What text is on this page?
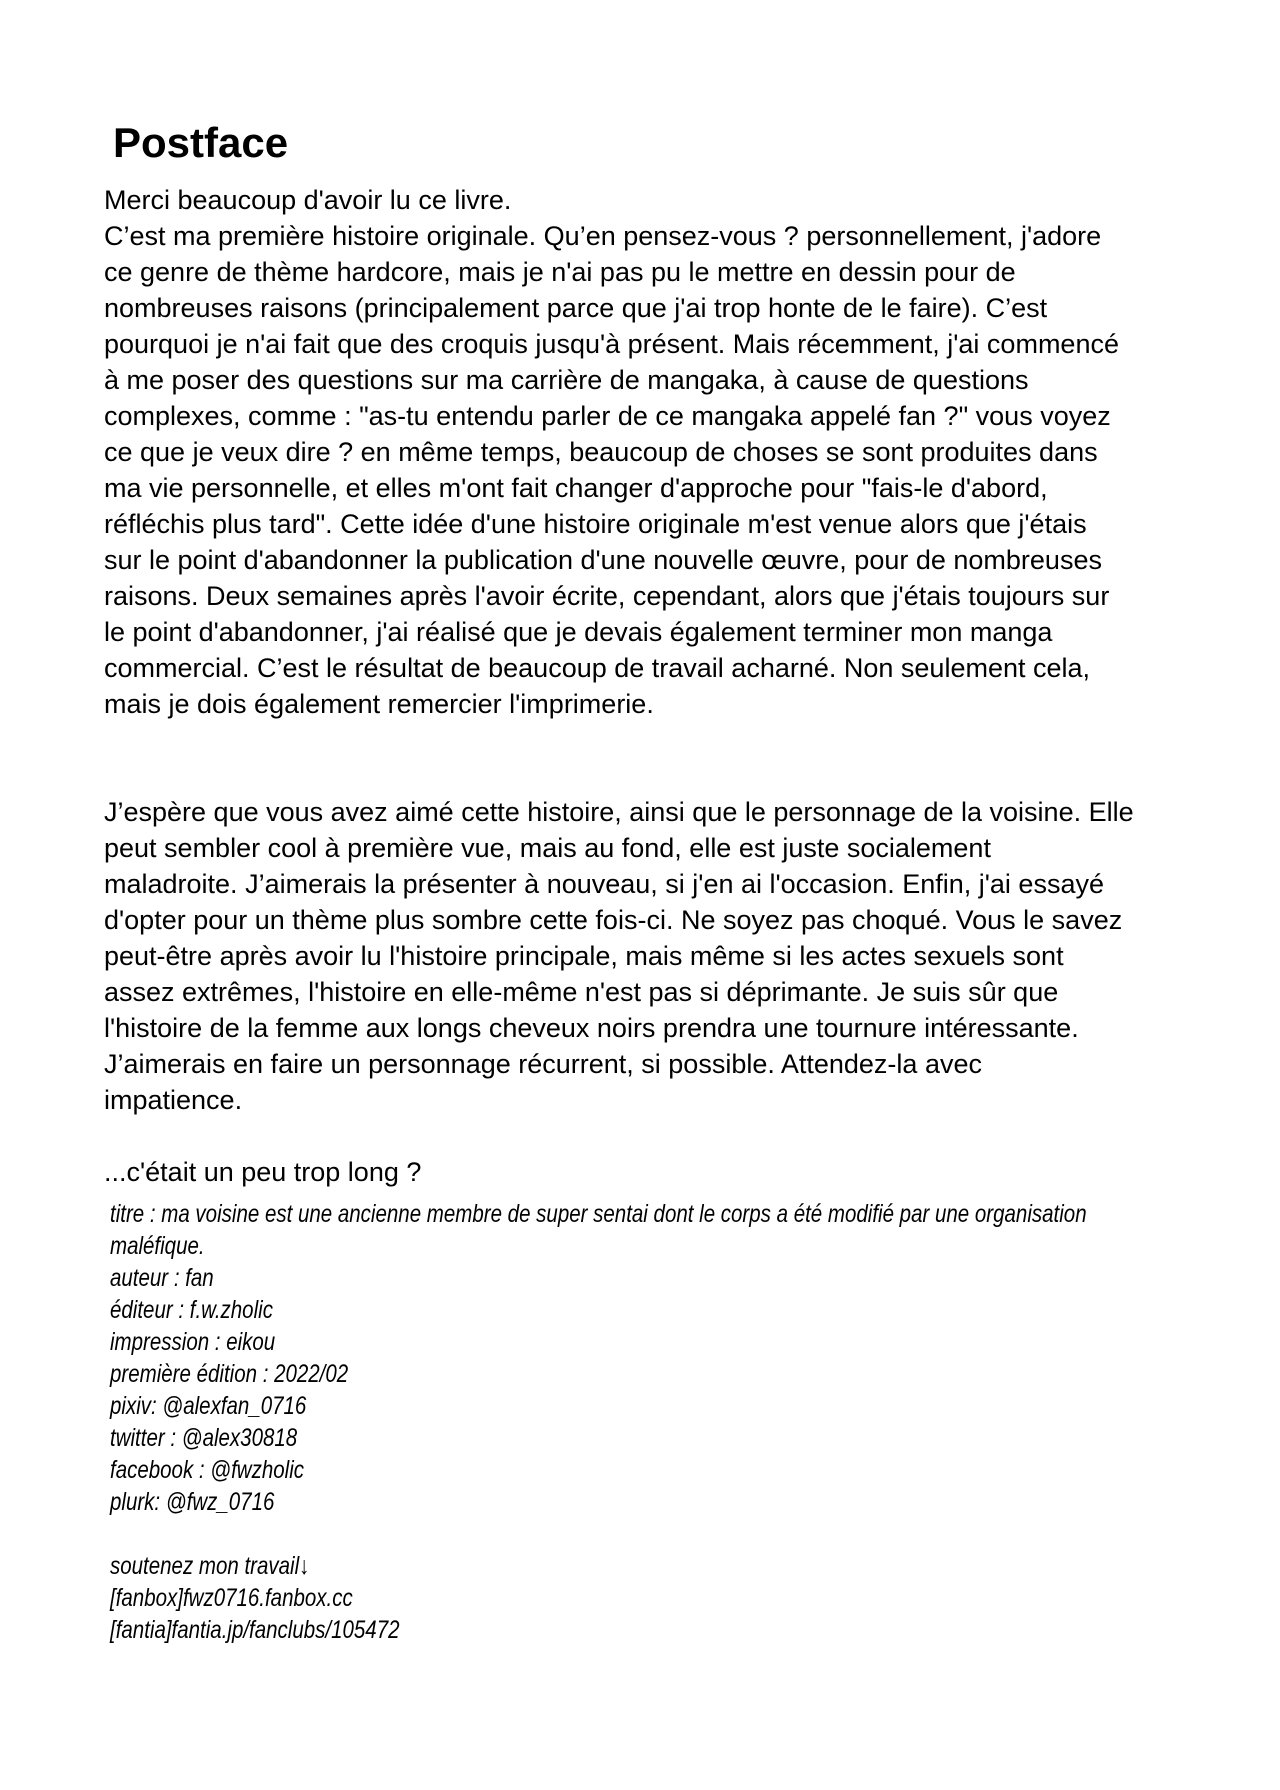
Postface
Merci beaucoup d'avoir lu ce livre.
C’est ma première histoire originale. Qu’en pensez-vous ? personnellement, j'adore
ce genre de thème hardcore, mais je n'ai pas pu le mettre en dessin pour de
nombreuses raisons (principalement parce que j'ai trop honte de le faire). C’est
pourquoi je n'ai fait que des croquis jusqu'à présent. Mais récemment, j'ai commencé
à me poser des questions sur ma carrière de mangaka, à cause de questions
complexes, comme : "as-tu entendu parler de ce mangaka appelé fan ?" vous voyez
ce que je veux dire ? en même temps, beaucoup de choses se sont produites dans
ma vie personnelle, et elles m'ont fait changer d'approche pour "fais-le d'abord,
réfléchis plus tard". Cette idée d'une histoire originale m'est venue alors que j'étais
sur le point d'abandonner la publication d'une nouvelle œuvre, pour de nombreuses
raisons. Deux semaines après l'avoir écrite, cependant, alors que j'étais toujours sur
le point d'abandonner, j'ai réalisé que je devais également terminer mon manga
commercial. C’est le résultat de beaucoup de travail acharné. Non seulement cela,
mais je dois également remercier l'imprimerie.
J’espère que vous avez aimé cette histoire, ainsi que le personnage de la voisine. Elle
peut sembler cool à première vue, mais au fond, elle est juste socialement
maladroite. J’aimerais la présenter à nouveau, si j'en ai l'occasion. Enfin, j'ai essayé
d'opter pour un thème plus sombre cette fois-ci. Ne soyez pas choqué. Vous le savez
peut-être après avoir lu l'histoire principale, mais même si les actes sexuels sont
assez extrêmes, l'histoire en elle-même n'est pas si déprimante. Je suis sûr que
l'histoire de la femme aux longs cheveux noirs prendra une tournure intéressante.
J’aimerais en faire un personnage récurrent, si possible. Attendez-la avec
impatience.
...c'était un peu trop long ?
titre : ma voisine est une ancienne membre de super sentai dont le corps a été modifié par une organisation
maléfique.
auteur : fan
éditeur : f.w.zholic
impression : eikou
première édition : 2022/02
pixiv: @alexfan_0716
twitter : @alex30818
facebook : @fwzholic
plurk: @fwz_0716
soutenez mon travail↓
[fanbox]fwz0716.fanbox.cc
[fantia]fantia.jp/fanclubs/105472
